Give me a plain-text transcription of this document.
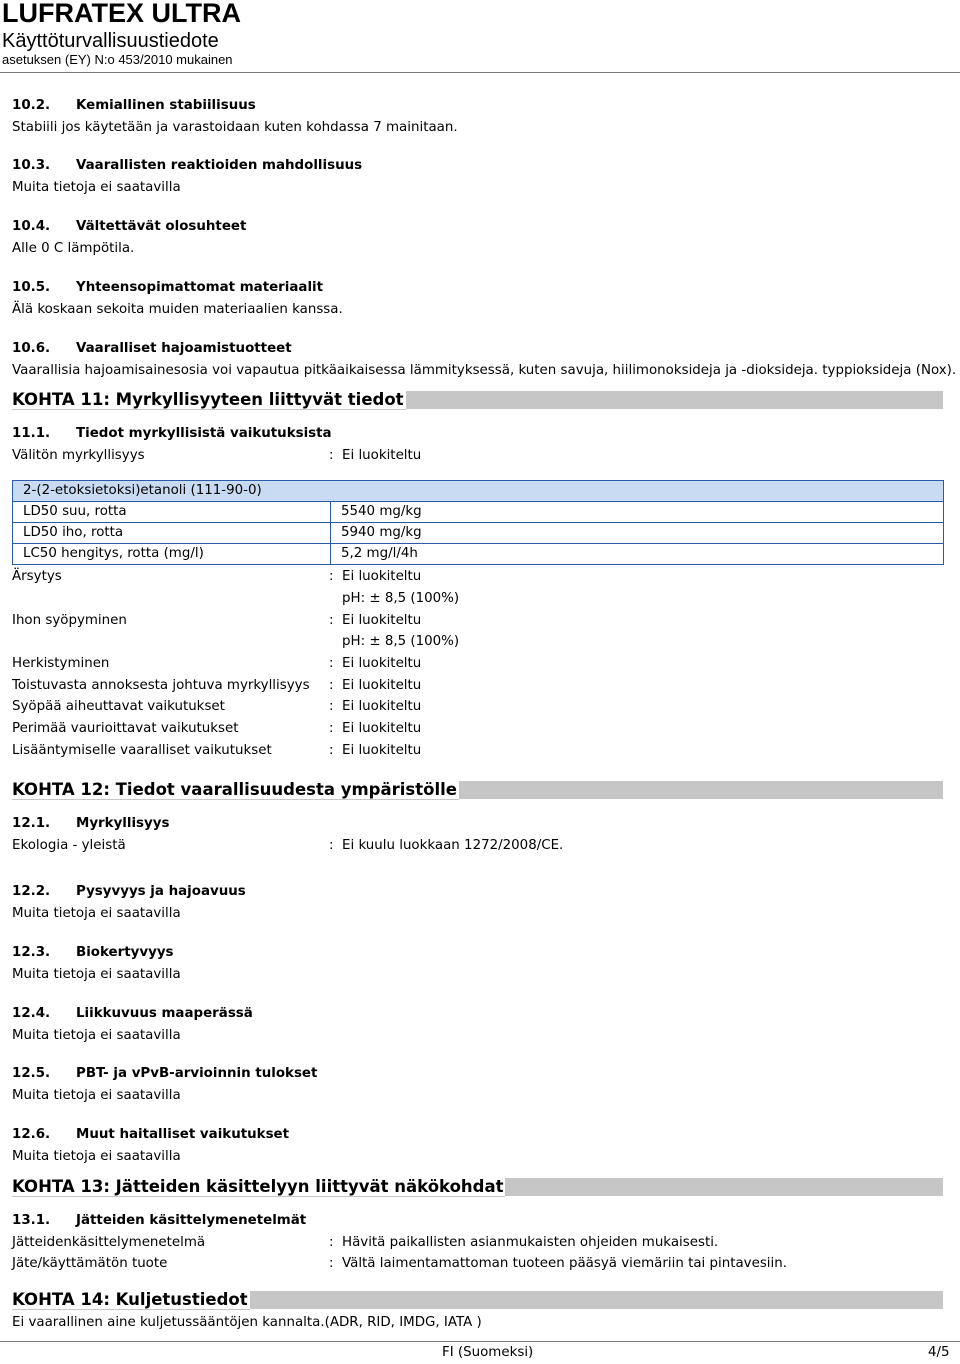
LUFRATEX ULTRA
Käyttöturvallisuustiedote
asetuksen (EY) N:o 453/2010 mukainen
10.2. Kemiallinen stabiilisuus
Stabiili jos käytetään ja varastoidaan kuten kohdassa 7 mainitaan.
10.3. Vaarallisten reaktioiden mahdollisuus
Muita tietoja ei saatavilla
10.4. Vältettävät olosuhteet
Alle 0 C lämpötila.
10.5. Yhteensopimattomat materiaalit
Älä koskaan sekoita muiden materiaalien kanssa.
10.6. Vaaralliset hajoamistuotteet
Vaarallisia hajoamisainesosia voi vapautua pitkäaikaisessa lämmityksessä, kuten savuja, hiilimonoksideja ja -dioksideja. typpioksideja (Nox).
KOHTA 11: Myrkyllisyyteen liittyvät tiedot
11.1. Tiedot myrkyllisistä vaikutuksista
Välitön myrkyllisyys	: Ei luokiteltu
2-(2-etoksietoksi)etanoli (111-90-0)	
LD50 suu, rotta	5540 mg/kg
LD50 iho, rotta	5940 mg/kg
LC50 hengitys, rotta (mg/l)	5,2 mg/l/4h
Ärsytys	: Ei luokiteltu
pH: ± 8,5 (100%)
Ihon syöpyminen	: Ei luokiteltu
pH: ± 8,5 (100%)
Herkistyminen	: Ei luokiteltu
Toistuvasta annoksesta johtuva myrkyllisyys : Ei luokiteltu
Syöpää aiheuttavat vaikutukset	: Ei luokiteltu
Perimää vaurioittavat vaikutukset	: Ei luokiteltu
Lisääntymiselle vaaralliset vaikutukset	: Ei luokiteltu
KOHTA 12: Tiedot vaarallisuudesta ympäristölle
12.1. Myrkyllisyys
Ekologia - yleistä	: Ei kuulu luokkaan 1272/2008/CE.
12.2. Pysyvyys ja hajoavuus
Muita tietoja ei saatavilla
12.3. Biokertyvyys
Muita tietoja ei saatavilla
12.4. Liikkuvuus maaperässä
Muita tietoja ei saatavilla
12.5. PBT- ja vPvB-arvioinnin tulokset
Muita tietoja ei saatavilla
12.6. Muut haitalliset vaikutukset
Muita tietoja ei saatavilla
KOHTA 13: Jätteiden käsittelyyn liittyvät näkökohdat
13.1. Jätteiden käsittelymenetelmät
Jätteidenkäsittelymenetelmä	: Hävitä paikallisten asianmukaisten ohjeiden mukaisesti.
Jäte/käyttämätön tuote	: Vältä laimentamattoman tuoteen pääsyä viemäriin tai pintavesiin.
KOHTA 14: Kuljetustiedot
Ei vaarallinen aine kuljetussääntöjen kannalta.(ADR, RID, IMDG, IATA )
FI (Suomeksi)	4/5
